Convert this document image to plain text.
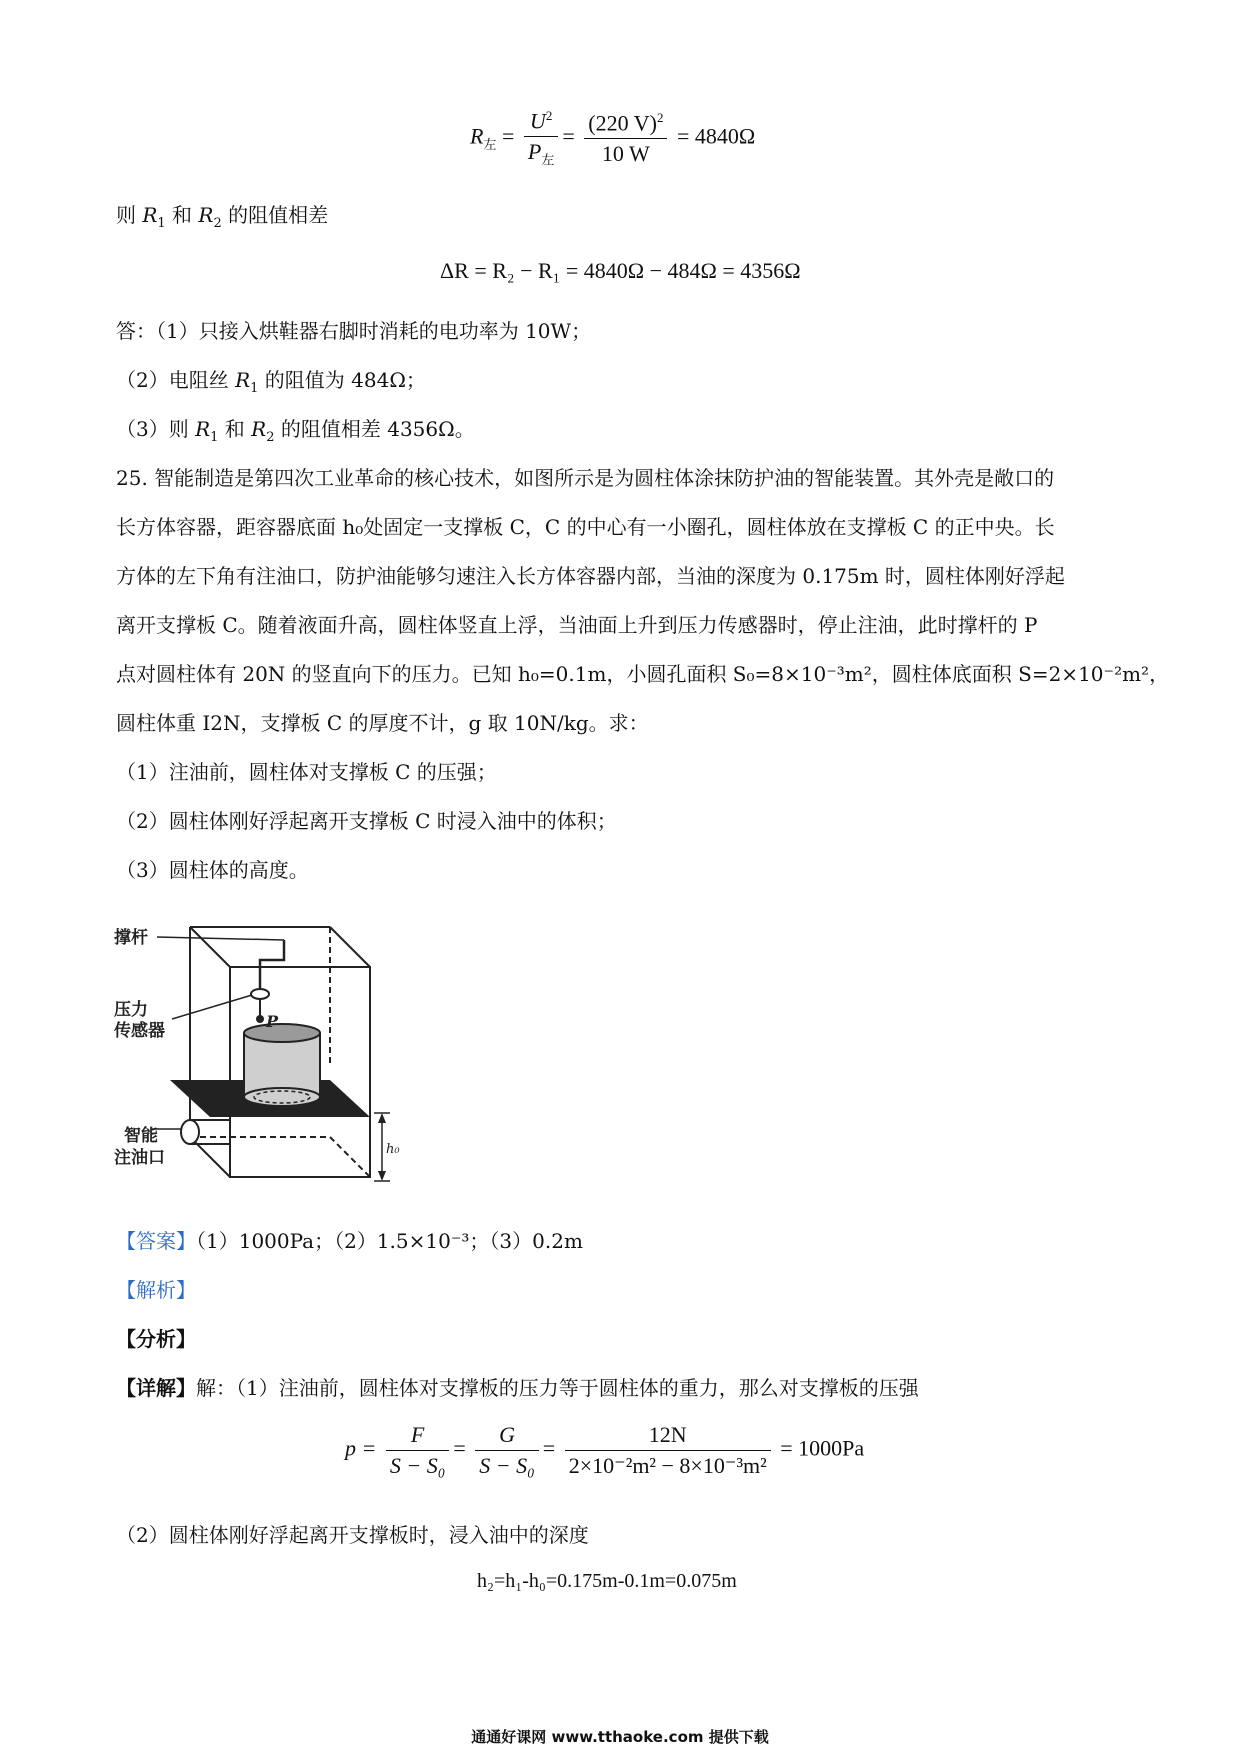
$R_左 = \frac{U^2}{P_左} = \frac{(220 V)^2}{10 W} = 4840\Omega$
则 $R_1$ 和 $R_2$ 的阻值相差
ΔR = R₂ − R₁ = 4840Ω − 484Ω = 4356Ω
答：（1）只接入烘鞋器右脚时消耗的电功率为 10W；
（2）电阻丝 $R_1$ 的阻值为 484Ω；
（3）则 $R_1$ 和 $R_2$ 的阻值相差 4356Ω。
25. 智能制造是第四次工业革命的核心技术，如图所示是为圆柱体涂抹防护油的智能装置。其外壳是敞口的
长方体容器，距容器底面 h₀处固定一支撑板 C，C 的中心有一小圈孔，圆柱体放在支撑板 C 的正中央。长
方体的左下角有注油口，防护油能够匀速注入长方体容器内部，当油的深度为 0.175m 时，圆柱体刚好浮起
离开支撑板 C。随着液面升高，圆柱体竖直上浮，当油面上升到压力传感器时，停止注油，此时撑杆的 P
点对圆柱体有 20N 的竖直向下的压力。已知 h₀=0.1m，小圆孔面积 S₀=8×10⁻³m²，圆柱体底面积 S=2×10⁻²m²，
圆柱体重 I2N，支撑板 C 的厚度不计，g 取 10N/kg。求：
（1）注油前，圆柱体对支撑板 C 的压强；
（2）圆柱体刚好浮起离开支撑板 C 时浸入油中的体积；
（3）圆柱体的高度。
撑杆
压力
传感器	P
智能
注油口	h₀
【答案】（1）1000Pa；（2）1.5×10⁻³；（3）0.2m
【解析】
【分析】
【详解】解：（1）注油前，圆柱体对支撑板的压力等于圆柱体的重力，那么对支撑板的压强
$p = \frac{F}{\text{S − S₀}} = \frac{G}{\text{S − S₀}} = \frac{12N}{\text{2×10⁻²m² − 8×10⁻³m²}} = 1000Pa$
（2）圆柱体刚好浮起离开支撑板时，浸入油中的深度
h₂=h₁-h₀=0.175m-0.1m=0.075m
通通好课网 www.tthaoke.com 提供下载
